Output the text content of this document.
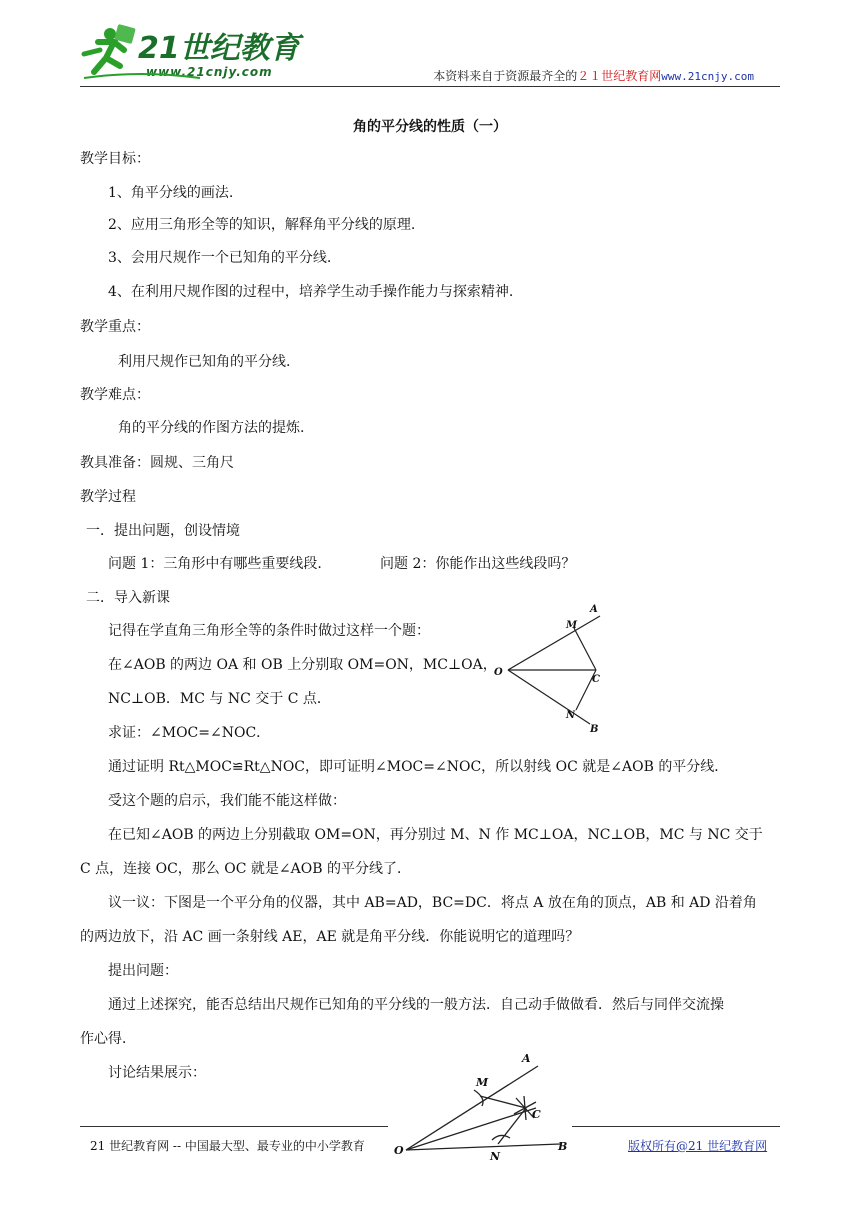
21世纪教育
www.21cnjy.com	本资料来自于资源最齐全的２１世纪教育网www.21cnjy.com
角的平分线的性质（一）
教学目标：
1、角平分线的画法.
2、应用三角形全等的知识，解释角平分线的原理.
3、会用尺规作一个已知角的平分线.
4、在利用尺规作图的过程中，培养学生动手操作能力与探索精神.
教学重点：
利用尺规作已知角的平分线.
教学难点：
角的平分线的作图方法的提炼.
教具准备：圆规、三角尺
教学过程
一．提出问题，创设情境
问题 1：三角形中有哪些重要线段.	问题 2：你能作出这些线段吗？
二．导入新课
记得在学直角三角形全等的条件时做过这样一个题：
在∠AOB 的两边 OA 和 OB 上分别取 OM=ON，MC⊥OA，
NC⊥OB．MC 与 NC 交于 C 点．
求证：∠MOC=∠NOC．
通过证明 Rt△MOC≌Rt△NOC，即可证明∠MOC=∠NOC，所以射线 OC 就是∠AOB 的平分线．
受这个题的启示，我们能不能这样做：
在已知∠AOB 的两边上分别截取 OM=ON，再分别过 M、N 作 MC⊥OA，NC⊥OB，MC 与 NC 交于
C 点，连接 OC，那么 OC 就是∠AOB 的平分线了．
议一议：下图是一个平分角的仪器，其中 AB=AD，BC=DC．将点 A 放在角的顶点，AB 和 AD 沿着角
的两边放下，沿 AC 画一条射线 AE，AE 就是角平分线．你能说明它的道理吗？
提出问题：
通过上述探究，能否总结出尺规作已知角的平分线的一般方法．自己动手做做看．然后与同伴交流操
作心得．
讨论结果展示：
A
M
O
C
N
B
A
M
C
O	N
B
21 世纪教育网 -- 中国最大型、最专业的中小学教育	版权所有@21 世纪教育网
